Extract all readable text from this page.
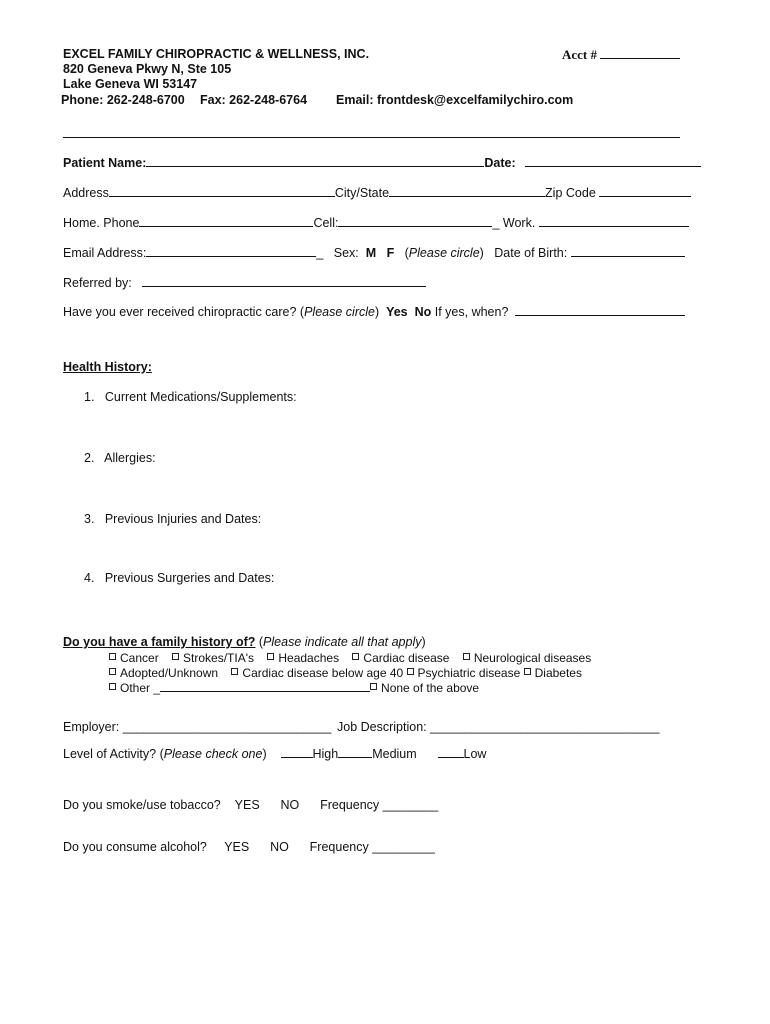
EXCEL FAMILY CHIROPRACTIC & WELLNESS, INC.	Acct #
820 Geneva Pkwy N, Ste 105
Lake Geneva WI 53147
Phone: 262-248-6700 Fax: 262-248-6764 Email: frontdesk@excelfamilychiro.com
Patient Name:	Date:
Address	City/State	Zip Code
Home. Phone	Cell:	_ Work.
Email Address:	_   Sex: M F   (Please circle)   Date of Birth:
Referred by:
Have you ever received chiropractic care? (Please circle)  Yes No If yes, when?
Health History:
1.   Current Medications/Supplements:
2.   Allergies:
3.   Previous Injuries and Dates:
4.   Previous Surgeries and Dates:
Do you have a family history of? (Please indicate all that apply)
Cancer Strokes/TIA's Headaches Cardiac disease Neurological diseases
Adopted/Unknown Cardiac disease below age 40 Psychiatric disease Diabetes
Other _	None of the above
Employer: ______________________________ Job Description: _________________________________
Level of Activity? (Please check one)	High	Medium	Low
Do you smoke/use tobacco? YES NO Frequency ________
Do you consume alcohol? YES NO Frequency _________
